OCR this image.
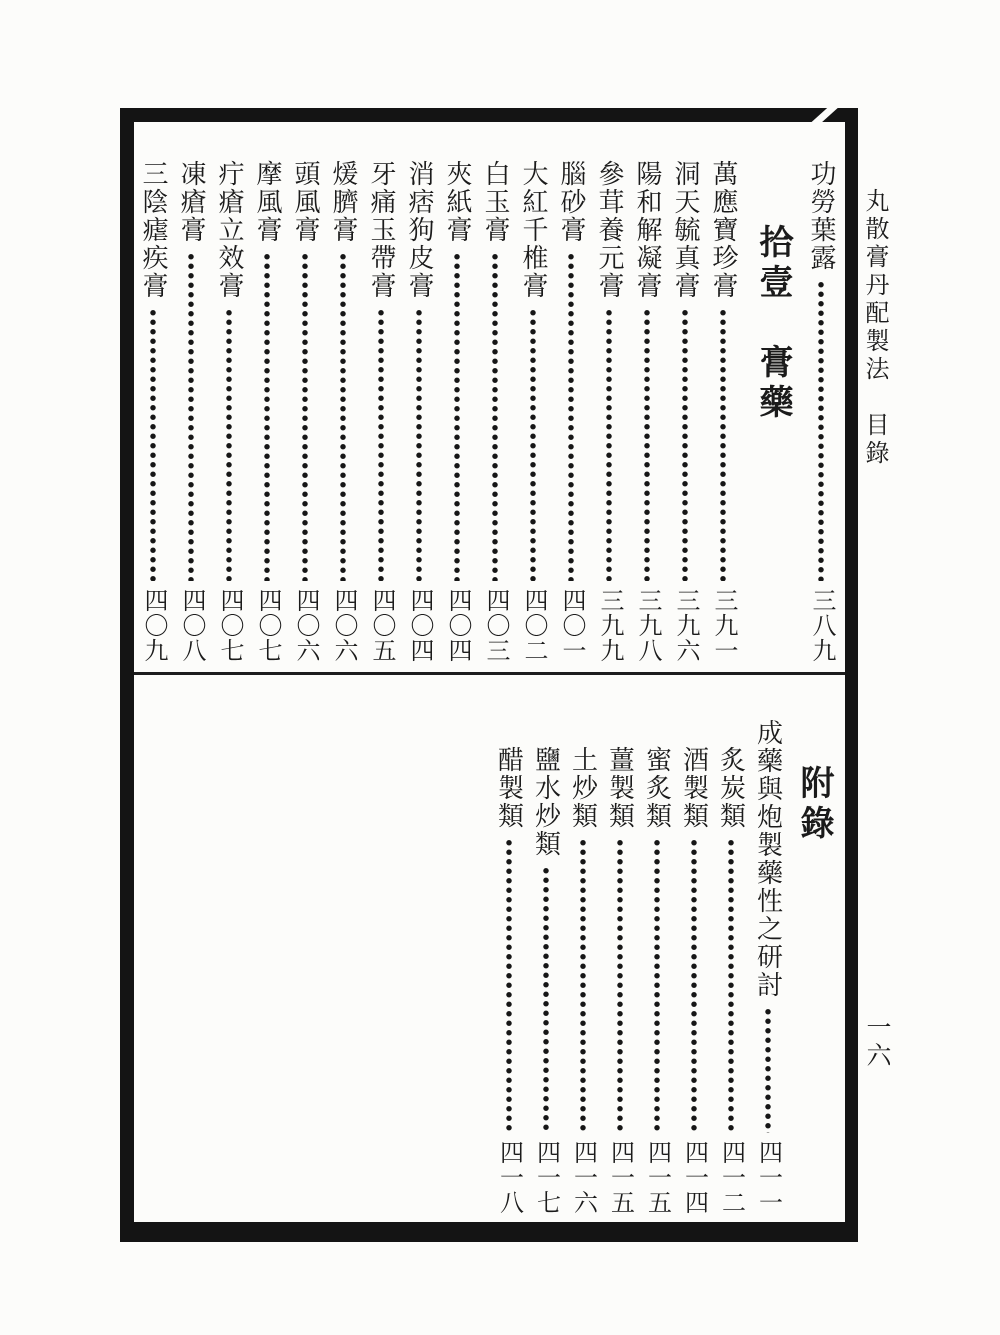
功勞葉露
三八九
拾壹　膏藥
萬應寶珍膏
三九一
洞天毓真膏
三九六
陽和解凝膏
三九八
參茸養元膏
三九九
腦砂膏
四〇一
大紅千椎膏
四〇二
白玉膏
四〇三
夾紙膏
四〇四
消痞狗皮膏
四〇四
牙痛玉帶膏
四〇五
煖臍膏
四〇六
頭風膏
四〇六
摩風膏
四〇七
疔瘡立效膏
四〇七
凍瘡膏
四〇八
三陰瘧疾膏
四〇九
附錄
成藥與炮製藥性之研討
四一一
炙炭類
四一二
酒製類
四一四
蜜炙類
四一五
薑製類
四一五
土炒類
四一六
鹽水炒類
四一七
醋製類
四一八
丸散膏丹配製法　目錄
一六
